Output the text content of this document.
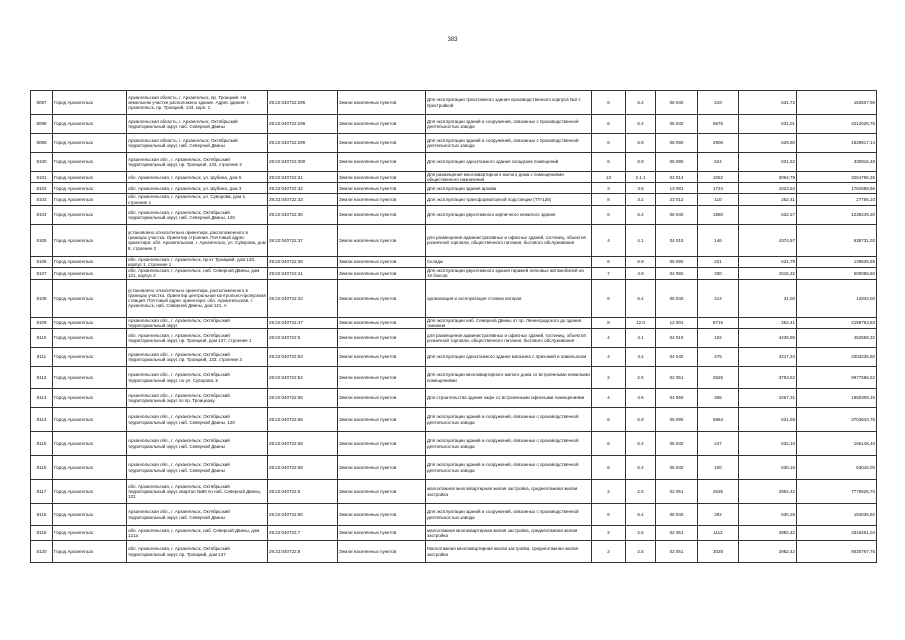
383
8097	Город Архангельск	Архангельская область, г. Архангельск, пр. Троицкий. На земельном участке расположено здание. Адрес здания: г. Архангельск, пр. Троицкий, 133, корп. 1	29:22:040722:295	Земли населенных пунктов	Для эксплуатации трехэтажного здания производственного корпуса №2 с пристройкой	6	6.4	06 040	243	631,72	153507,96
8098	Город Архангельск	Архангельская область, г. Архангельск, Октябрьский территориальный округ, наб. Северной Двины	29:22:040722:296	Земли населенных пунктов	Для эксплуатации зданий и сооружений, связанных с производственной деятельностью завода	6	6.4	06 040	6676	631,01	4212628,76
8099	Город Архангельск	Архангельская область, г. Архангельск, Октябрьский территориальный округ, наб. Северной Двины	29:22:040722:299	Земли населенных пунктов	Для эксплуатации зданий и сооружений, связанных с производственной деятельностью завода	6	6.9	06 090	2906	629,60	1829617,14
8100	Город Архангельск	Архангельская обл., г. Архангельск, Октябрьский территориальный округ, пр. Троицкий, 133, строение 2	29:22:040722:300	Земли населенных пунктов	Для эксплуатации одноэтажного здания складских помещений	6	6.9	06 090	524	631,52	330916,48
8101	Город Архангельск	обл. Архангельская, г. Архангельск, ул. Шубина, дом 5	29:22:040722:31	Земли населенных пунктов	Для размещения многоквартирного жилого дома с помещениями общественного назначения	13	2.1.1	02 014	1062	3064,79	3254796,26
8102	Город Архангельск	обл. Архангельская, г. Архангельск, ул. Шубина, дом 3	29:22:040722:32	Земли населенных пунктов	Для эксплуатации здания архива	3	3.9	13 081	1724	1022,54	1762858,96
8103	Город Архангельск	обл. Архангельская, г. Архангельск, ул. Суворова, дом 2, строение 1	29:22:040722:33	Земли населенных пунктов	Для эксплуатации трансформаторной подстанции (ТП-126)	8	3.1	23 012	110	252,41	27765,10
8104	Город Архангельск	обл. Архангельская, г. Архангельск, Октябрьский территориальный округ, наб. Северной Двины, 120	29:22:040722:35	Земли населенных пунктов	Для эксплуатации двухэтажного кирпичного нежилого здания	6	6.4	06 040	1960	632,27	1239249,20
8105	Город Архангельск	установлено относительно ориентира, расположенного в границах участка. Ориентир строения. Почтовый адрес ориентира: обл. Архангельская, г. Архангельск, ул. Суворова, дом 8, строение 2	29:22:040722:37	Земли населенных пунктов	для размещения административных и офисных зданий, гостиниц, объектов розничной торговли, общественного питания, бытового обслуживания	4	4.1	04 010	146	4374,87	638731,02
8106	Город Архангельск	обл. Архангельская, г. Архангельск, пр-кт Троицкий, дом 133, корпус 1, строение 1	29:22:040722:39	Земли населенных пунктов	Склады	6	6.9	06 090	221	631,79	139625,59
8107	Город Архангельск	обл. Архангельская, г. Архангельск, наб. Северной Двины, дом 121, корпус 2	29:22:040722:41	Земли населенных пунктов	Для эксплуатации двухэтажного здания гаражей легковых автомобилей на 10 боксов	7	4.9	04 092	330	1515,32	500055,60
8108	Город Архангельск	установлено относительно ориентира, расположенного в границах участка. Ориентир центральная контрольно-пропускная станция. Почтовый адрес ориентира: обл. Архангельская, г. Архангельск, наб. Северной Двины, дом 121, А	29:22:040722:43	Земли населенных пунктов	организация и эксплуатация стоянки катеров	6	5.4	05 040	414	31,00	12833,00
8109	Город Архангельск	Архангельская обл., г. Архангельск, Октябрьский территориальный округ	29:22:040722:47	Земли населенных пунктов	Для эксплуатации наб. Северной Двины от пр. Ленинградского до здания таможни	8	12.0	12 001	8715	252,41	2199753,83
8110	Город Архангельск	обл. Архангельская, г. Архангельск, Октябрьский территориальный округ, пр. Троицкий, дом 137, строение 1	29:22:040722:5	Земли населенных пунктов	для размещения административных и офисных зданий, гостиниц, объектов розничной торговли, общественного питания, бытового обслуживания	4	4.1	04 010	102	4436,95	452569,32
8111	Город Архангельск	Архангельская обл., г. Архангельск, Октябрьский территориальный округ, пр. Троицкий, 133, строение 3	29:22:040722:53	Земли населенных пунктов	Для эксплуатации одноэтажного здания магазина с прихожей и павильоном	4	4.4	04 040	475	4217,34	2003236,50
8112	Город Архангельск	Архангельская обл., г. Архангельск, Октябрьский территориальный округ, по ул. Суворова, 6	29:22:040722:54	Земли населенных пунктов	Для эксплуатации многоквартирного жилого дома со встроенными нежилыми помещениями	2	2.5	02 051	2626	3793,52	9977596,52
8113	Город Архангельск	Архангельская обл., г. Архангельск, Октябрьский территориальный округ по пр. Троицкому	29:22:040722:55	Земли населенных пунктов	Для строительства здания кафе со встроенными офисными помещениями	4	4.6	04 060	465	4267,31	1950309,15
8114	Город Архангельск	Архангельская обл., г. Архангельск, Октябрьский территориальный округ, наб. Северной Двины, 120	29:22:040722:56	Земли населенных пунктов	Для эксплуатации зданий и сооружений, связанных с производственной деятельностью завода	6	6.9	06 090	5864	631,59	3703643,76
8115	Город Архангельск	Архангельская обл., г. Архангельск, Октябрьский территориальный округ, наб. Северной Двины	29:22:040722:58	Земли населенных пунктов	Для эксплуатации зданий и сооружений, связанных с производственной деятельностью завода	6	6.4	06 040	247	632,10	156148,40
8116	Город Архангельск	Архангельская обл., г. Архангельск, Октябрьский территориальный округ, наб. Северной Двины	29:22:040722:59	Земли населенных пунктов	Для эксплуатации зданий и сооружений, связанных с производственной деятельностью завода	6	6.4	06 040	100	630,16	63016,00
8117	Город Архангельск	обл. Архангельская, г. Архангельск, Октябрьский территориальный округ, квартал №86 по наб. Северной Двины, 122	29:22:040722:6	Земли населенных пунктов	малоэтажная многоквартирная жилая застройка, среднеэтажная жилая застройка	2	2.5	02 051	2635	2952,42	7779626,70
8118	Город Архангельск	Архангельская обл., г. Архангельск, Октябрьский территориальный округ, наб. Северной Двины	29:22:040722:60	Земли населенных пунктов	Для эксплуатации зданий и сооружений, связанных с производственной деятельностью завода	6	6.4	06 040	292	630,26	184035,92
8119	Город Архангельск	обл. Архангельская, г. Архангельск, наб. Северной Двины, дом 121а	29:22:040722:7	Земли населенных пунктов	малоэтажная многоквартирная жилая застройка, среднеэтажная жилая застройка	2	2.5	02 051	1112	2982,42	3316451,04
8120	Город Архангельск	обл. Архангельская, г. Архангельск, Октябрьский территориальный округ, пр. Троицкий, дом 137	29:22:040722:8	Земли населенных пунктов	Малоэтажная многоквартирная жилая застройка, среднеэтажная жилая застройка	2	2.5	02 051	3028	2982,42	9030767,76
